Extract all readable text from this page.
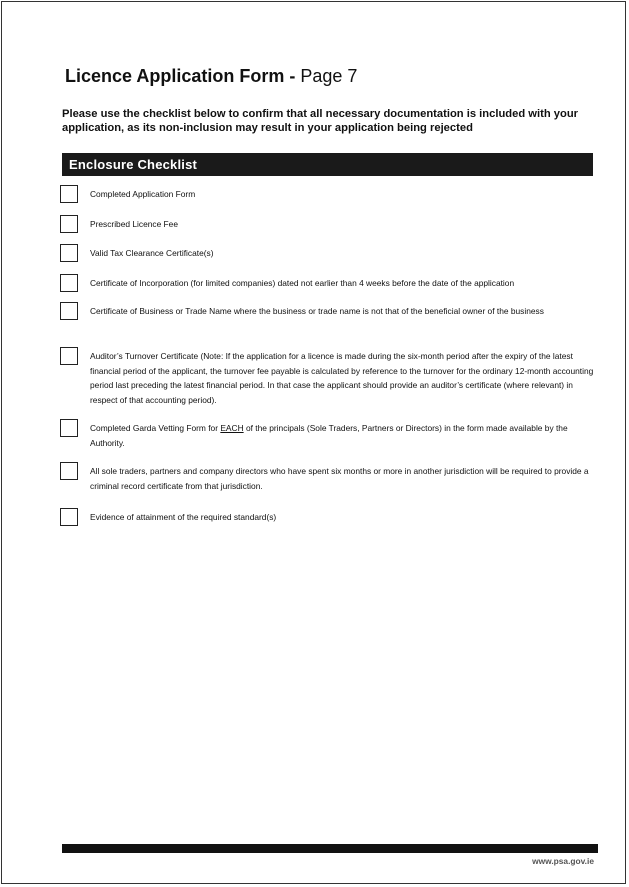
Licence Application Form - Page 7
Please use the checklist below to confirm that all necessary documentation is included with your application, as its non-inclusion may result in your application being rejected
Enclosure Checklist
Completed Application Form
Prescribed Licence Fee
Valid Tax Clearance Certificate(s)
Certificate of Incorporation (for limited companies) dated not earlier than 4 weeks before the date of the application
Certificate of Business or Trade Name where the business or trade name is not that of the beneficial owner of the business
Auditor’s Turnover Certificate (Note: If the application for a licence is made during the six-month period after the expiry of the latest financial period of the applicant, the turnover fee payable is calculated by reference to the turnover for the ordinary 12-month accounting period last preceding the latest financial period. In that case the applicant should provide an auditor’s certificate (where relevant) in respect of that accounting period).
Completed Garda Vetting Form for EACH of the principals (Sole Traders, Partners or Directors) in the form made available by the Authority.
All sole traders, partners and company directors who have spent six months or more in another jurisdiction will be required to provide a criminal record certificate from that jurisdiction.
Evidence of attainment of the required standard(s)
www.psa.gov.ie
